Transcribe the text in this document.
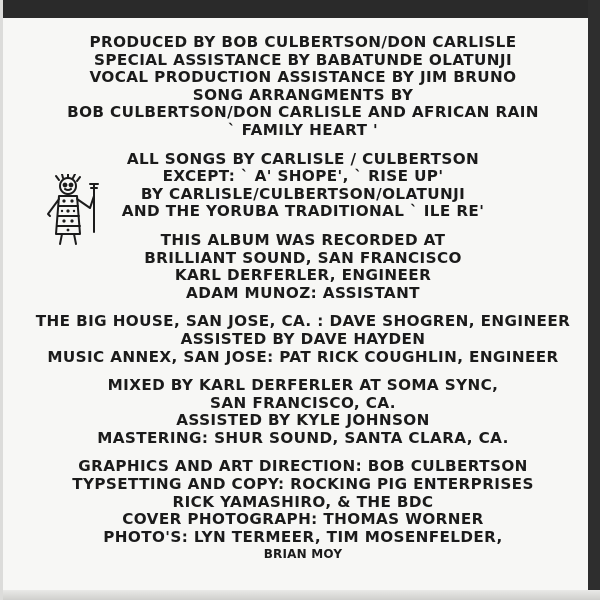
PRODUCED BY BOB CULBERTSON/DON CARLISLE
SPECIAL ASSISTANCE BY BABATUNDE OLATUNJI
VOCAL PRODUCTION ASSISTANCE BY JIM BRUNO
SONG ARRANGMENTS BY
BOB CULBERTSON/DON CARLISLE AND AFRICAN RAIN
` FAMILY HEART '
ALL SONGS BY CARLISLE / CULBERTSON
EXCEPT: ` A' SHOPE', ` RISE UP'
BY CARLISLE/CULBERTSON/OLATUNJI
AND THE YORUBA TRADITIONAL ` ILE RE'
THIS ALBUM WAS RECORDED AT
BRILLIANT SOUND, SAN FRANCISCO
KARL DERFERLER, ENGINEER
ADAM MUNOZ: ASSISTANT
THE BIG HOUSE, SAN JOSE, CA. : DAVE SHOGREN, ENGINEER
ASSISTED BY DAVE HAYDEN
MUSIC ANNEX, SAN JOSE: PAT RICK COUGHLIN, ENGINEER
MIXED BY KARL DERFERLER AT SOMA SYNC,
SAN FRANCISCO, CA.
ASSISTED BY KYLE JOHNSON
MASTERING: SHUR SOUND, SANTA CLARA, CA.
GRAPHICS AND ART DIRECTION: BOB CULBERTSON
TYPSETTING AND COPY: ROCKING PIG ENTERPRISES
RICK YAMASHIRO, & THE BDC
COVER PHOTOGRAPH: THOMAS WORNER
PHOTO'S: LYN TERMEER, TIM MOSENFELDER,
BRIAN MOY
